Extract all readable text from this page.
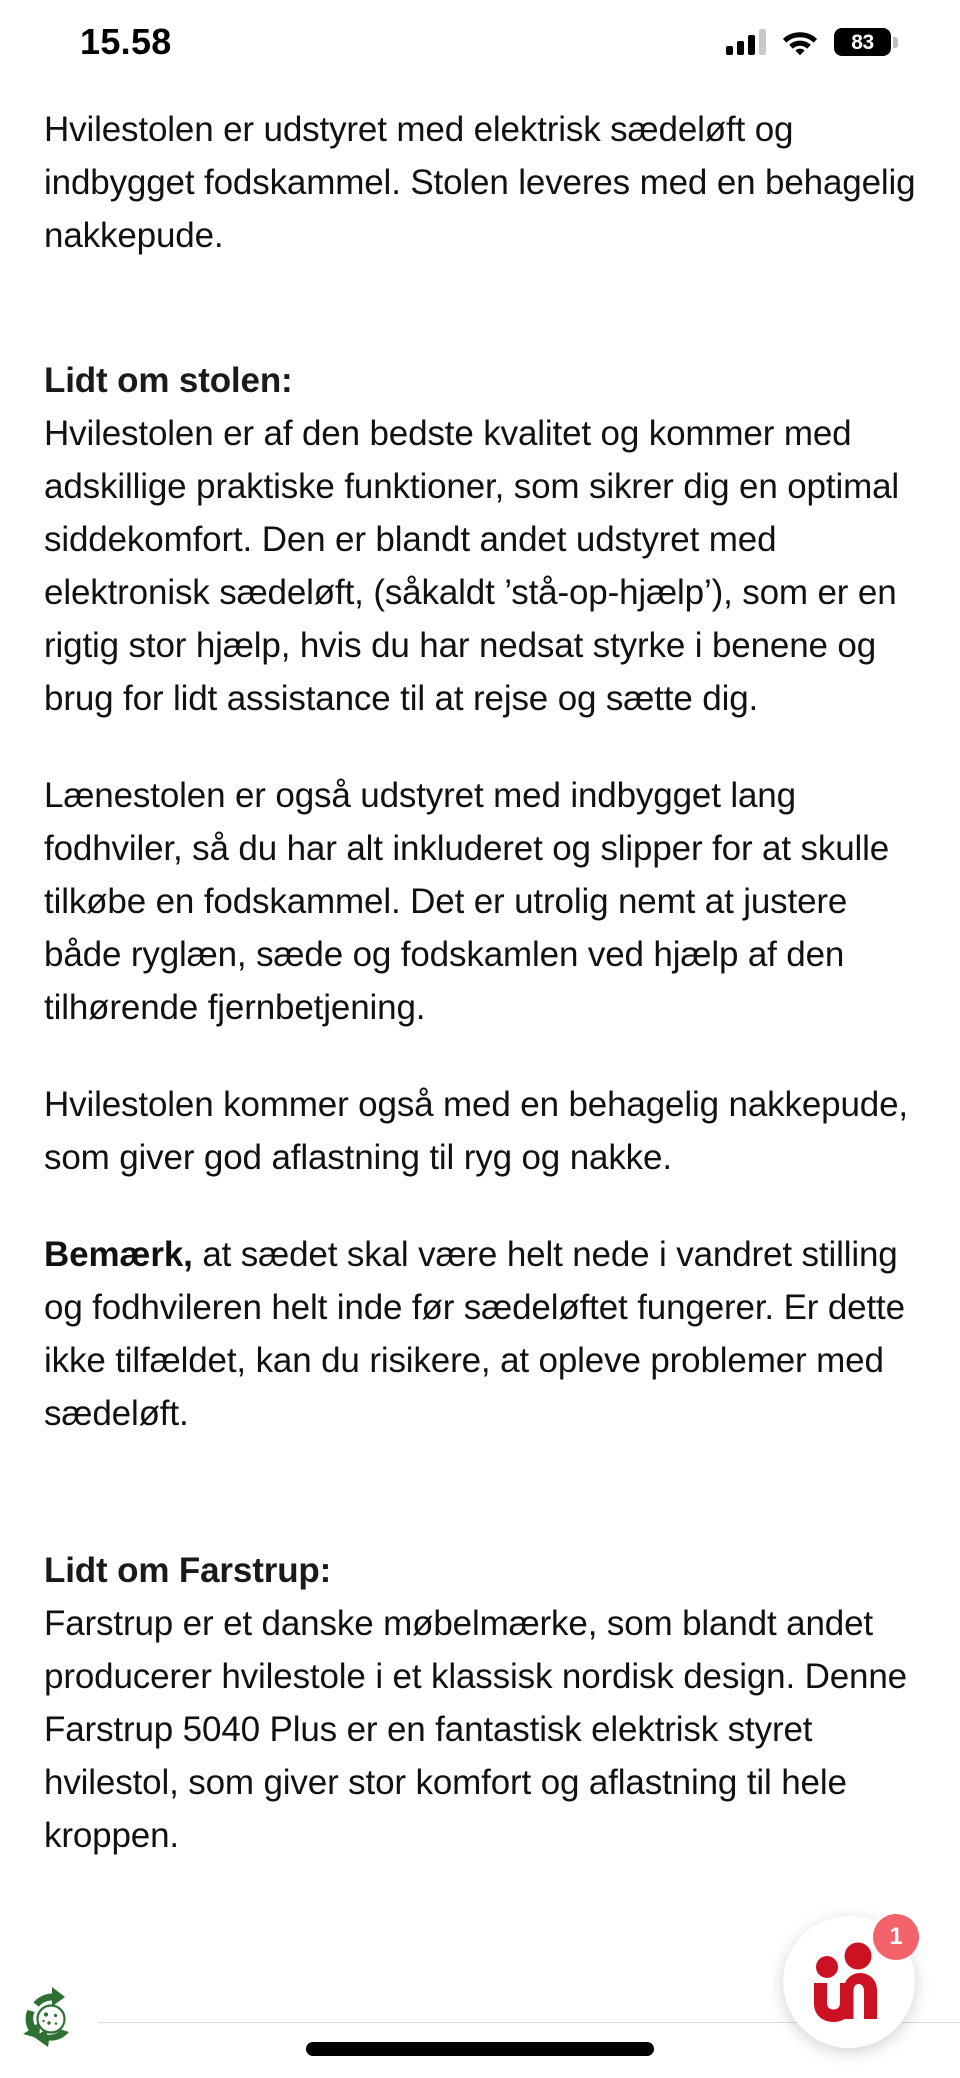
15.58	83

Hvilestolen er udstyret med elektrisk sædeløft og indbygget fodskammel. Stolen leveres med en behagelig nakkepude.

Lidt om stolen:

Hvilestolen er af den bedste kvalitet og kommer med adskillige praktiske funktioner, som sikrer dig en optimal siddekomfort. Den er blandt andet udstyret med elektronisk sædeløft, (såkaldt ’stå-op-hjælp’), som er en rigtig stor hjælp, hvis du har nedsat styrke i benene og brug for lidt assistance til at rejse og sætte dig.

Lænestolen er også udstyret med indbygget lang fodhviler, så du har alt inkluderet og slipper for at skulle tilkøbe en fodskammel. Det er utrolig nemt at justere både ryglæn, sæde og fodskamlen ved hjælp af den tilhørende fjernbetjening.

Hvilestolen kommer også med en behagelig nakkepude, som giver god aflastning til ryg og nakke.

Bemærk, at sædet skal være helt nede i vandret stilling og fodhvileren helt inde før sædeløftet fungerer. Er dette ikke tilfældet, kan du risikere, at opleve problemer med sædeløft.

Lidt om Farstrup:

Farstrup er et danske møbelmærke, som blandt andet producerer hvilestole i et klassisk nordisk design. Denne Farstrup 5040 Plus er en fantastisk elektrisk styret hvilestol, som giver stor komfort og aflastning til hele kroppen.

1
